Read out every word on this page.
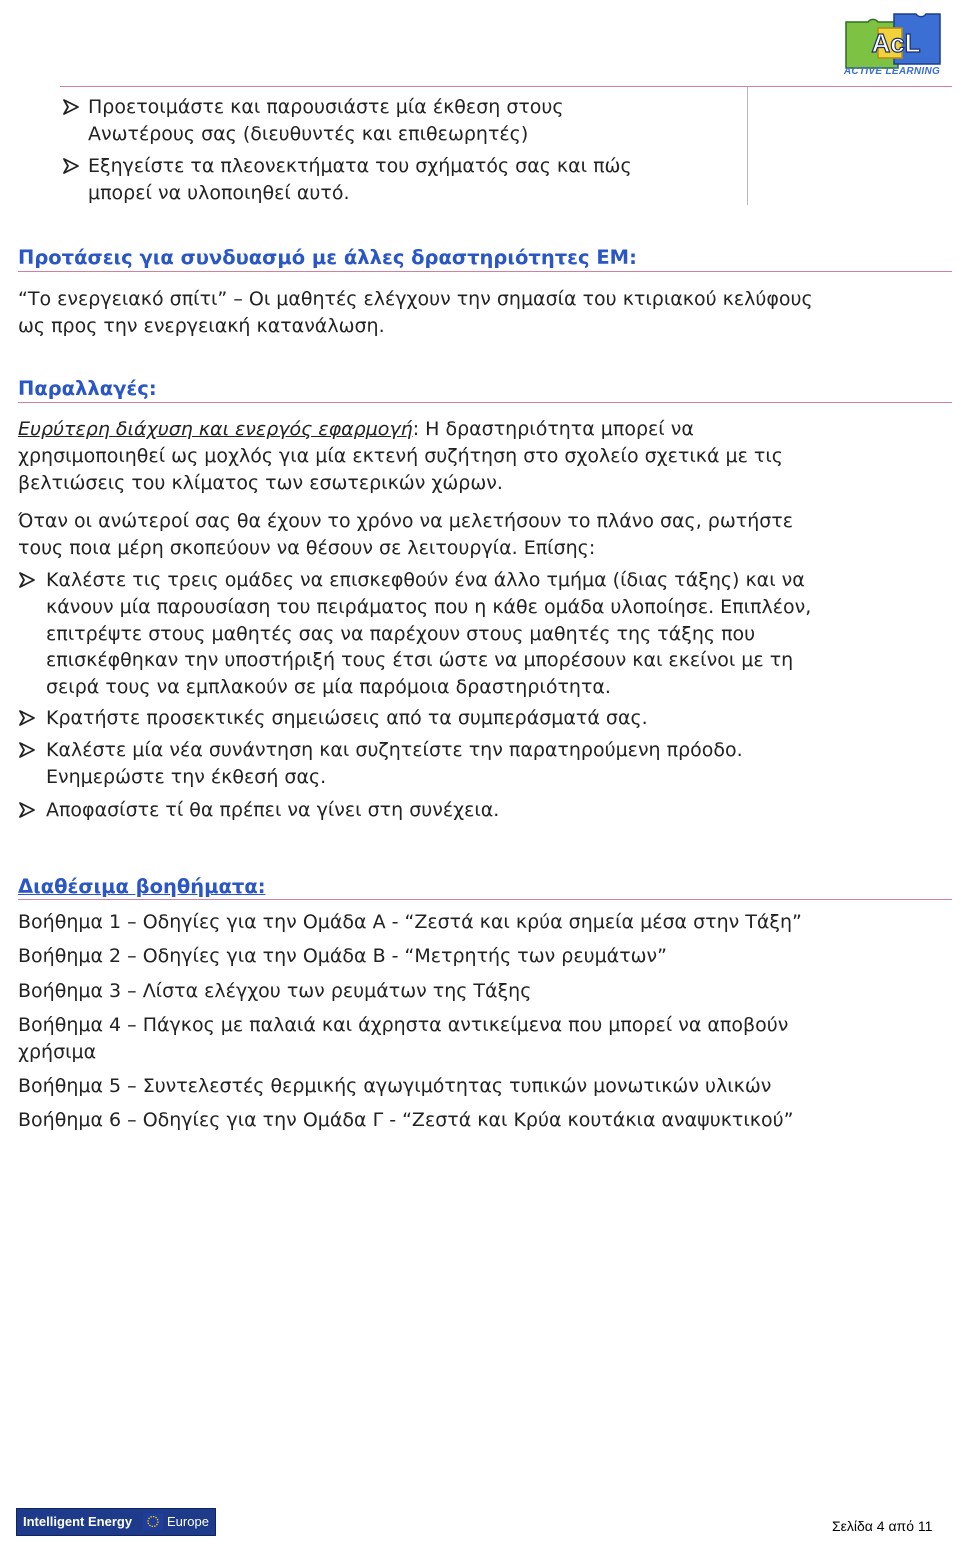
AcL
ACTIVE LEARNING
Προετοιμάστε και παρουσιάστε μία έκθεση στους
Ανωτέρους σας (διευθυντές και επιθεωρητές)
Εξηγείστε τα πλεονεκτήματα του σχήματός σας και πώς
μπορεί να υλοποιηθεί αυτό.
Προτάσεις για συνδυασμό με άλλες δραστηριότητες ΕΜ:
“Το ενεργειακό σπίτι” – Οι μαθητές ελέγχουν την σημασία του κτιριακού κελύφους
ως προς την ενεργειακή κατανάλωση.
Παραλλαγές:
Ευρύτερη διάχυση και ενεργός εφαρμογή: Η δραστηριότητα μπορεί να
χρησιμοποιηθεί ως μοχλός για μία εκτενή συζήτηση στο σχολείο σχετικά με τις
βελτιώσεις του κλίματος των εσωτερικών χώρων.
Όταν οι ανώτεροί σας θα έχουν το χρόνο να μελετήσουν το πλάνο σας, ρωτήστε
τους ποια μέρη σκοπεύουν να θέσουν σε λειτουργία. Επίσης:
Καλέστε τις τρεις ομάδες να επισκεφθούν ένα άλλο τμήμα (ίδιας τάξης) και να
κάνουν μία παρουσίαση του πειράματος που η κάθε ομάδα υλοποίησε. Επιπλέον,
επιτρέψτε στους μαθητές σας να παρέχουν στους μαθητές της τάξης που
επισκέφθηκαν την υποστήριξή τους έτσι ώστε να μπορέσουν και εκείνοι με τη
σειρά τους να εμπλακούν σε μία παρόμοια δραστηριότητα.
Κρατήστε προσεκτικές σημειώσεις από τα συμπεράσματά σας.
Καλέστε μία νέα συνάντηση και συζητείστε την παρατηρούμενη πρόοδο.
Ενημερώστε την έκθεσή σας.
Αποφασίστε τί θα πρέπει να γίνει στη συνέχεια.
Διαθέσιμα βοηθήματα:
Βοήθημα 1 – Οδηγίες για την Ομάδα Α - “Ζεστά και κρύα σημεία μέσα στην Τάξη”
Βοήθημα 2 – Οδηγίες για την Ομάδα Β - “Μετρητής των ρευμάτων”
Βοήθημα 3 – Λίστα ελέγχου των ρευμάτων της Τάξης
Βοήθημα 4 – Πάγκος με παλαιά και άχρηστα αντικείμενα που μπορεί να αποβούν
χρήσιμα
Βοήθημα 5 – Συντελεστές θερμικής αγωγιμότητας τυπικών μονωτικών υλικών
Βοήθημα 6 – Οδηγίες για την Ομάδα Γ - “Ζεστά και Κρύα κουτάκια αναψυκτικού”
Intelligent Energy	Europe	Σελίδα 4 από 11
